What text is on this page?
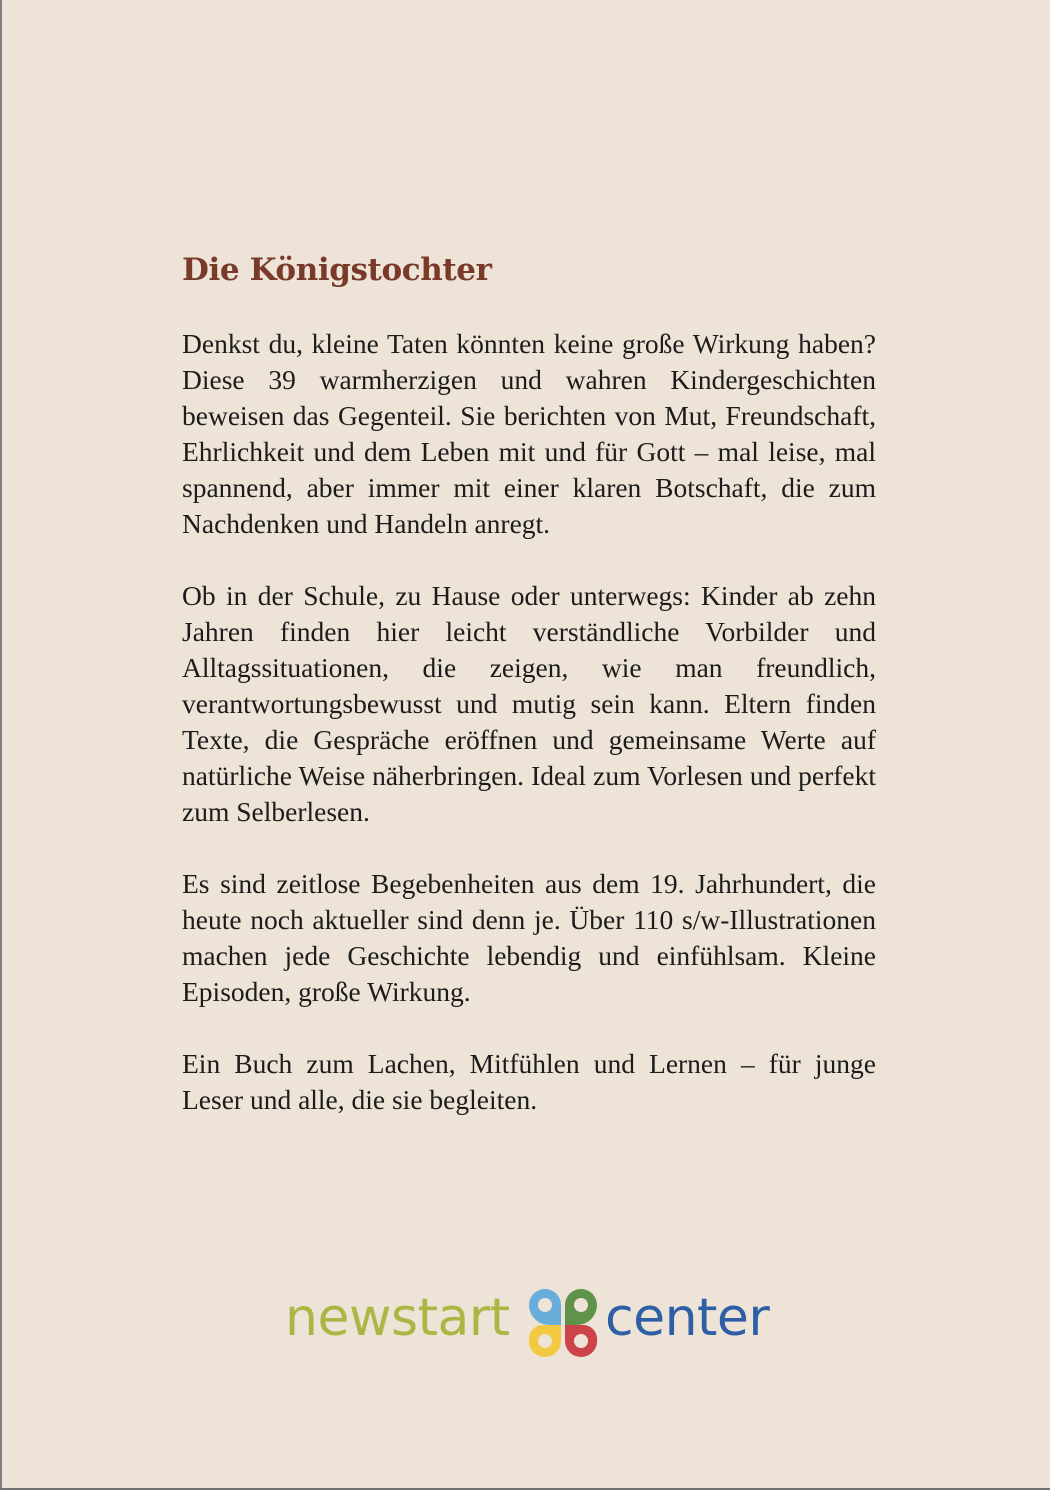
Die Königstochter

Denkst du, kleine Taten könnten keine große Wirkung haben? Diese 39 warmherzigen und wahren Kindergeschichten beweisen das Gegenteil. Sie berichten von Mut, Freundschaft, Ehrlichkeit und dem Leben mit und für Gott – mal leise, mal spannend, aber immer mit einer klaren Botschaft, die zum Nachdenken und Handeln anregt.

Ob in der Schule, zu Hause oder unterwegs: Kinder ab zehn Jahren finden hier leicht verständliche Vorbilder und Alltagssituationen, die zeigen, wie man freundlich, verantwortungsbewusst und mutig sein kann. Eltern finden Texte, die Gespräche eröffnen und gemeinsame Werte auf natürliche Weise näherbringen. Ideal zum Vorlesen und perfekt zum Selberlesen.

Es sind zeitlose Begebenheiten aus dem 19. Jahrhundert, die heute noch aktueller sind denn je. Über 110 s/w-Illustrationen machen jede Geschichte lebendig und einfühlsam. Kleine Episoden, große Wirkung.

Ein Buch zum Lachen, Mitfühlen und Lernen – für junge Leser und alle, die sie begleiten.

newstart center
